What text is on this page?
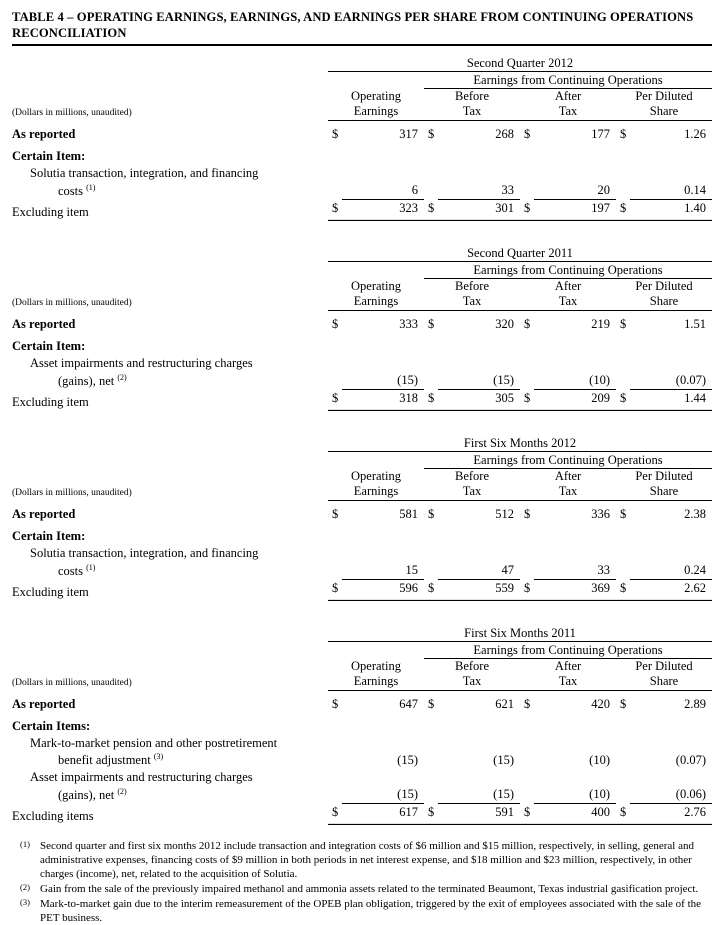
TABLE 4 – OPERATING EARNINGS, EARNINGS, AND EARNINGS PER SHARE FROM CONTINUING OPERATIONS RECONCILIATION

	Second Quarter 2012							
			Earnings from Continuing Operations					
	Operating		Before		After		Per Diluted	
(Dollars in millions, unaudited)	Earnings		Tax		Tax		Share	

As reported	$	317	$	268	$	177	$	1.26

Certain Item:								
Solutia transaction, integration, and financing								
costs $^{(1)}$		6		33		20		0.14
Excluding item	$	323	$	301	$	197	$	1.40

	Second Quarter 2011							
			Earnings from Continuing Operations					
	Operating		Before		After		Per Diluted	
(Dollars in millions, unaudited)	Earnings		Tax		Tax		Share	

As reported	$	333	$	320	$	219	$	1.51

Certain Item:								
Asset impairments and restructuring charges								
(gains), net $^{(2)}$		(15)		(15)		(10)		(0.07)
Excluding item	$	318	$	305	$	209	$	1.44

	First Six Months 2012							
			Earnings from Continuing Operations					
	Operating		Before		After		Per Diluted	
(Dollars in millions, unaudited)	Earnings		Tax		Tax		Share	

As reported	$	581	$	512	$	336	$	2.38

Certain Item:								
Solutia transaction, integration, and financing								
costs $^{(1)}$		15		47		33		0.24
Excluding item	$	596	$	559	$	369	$	2.62

	First Six Months 2011							
			Earnings from Continuing Operations					
	Operating		Before		After		Per Diluted	
(Dollars in millions, unaudited)	Earnings		Tax		Tax		Share	

As reported	$	647	$	621	$	420	$	2.89

Certain Items:								
Mark-to-market pension and other postretirement								
benefit adjustment $^{(3)}$		(15)		(15)		(10)		(0.07)
Asset impairments and restructuring charges								
(gains), net $^{(2)}$		(15)		(15)		(10)		(0.06)
Excluding items	$	617	$	591	$	400	$	2.76
(1) Second quarter and first six months 2012 include transaction and integration costs of $6 million and $15 million, respectively, in selling, general and administrative expenses, financing costs of $9 million in both periods in net interest expense, and $18 million and $23 million, respectively, in other charges (income), net, related to the acquisition of Solutia.
(2) Gain from the sale of the previously impaired methanol and ammonia assets related to the terminated Beaumont, Texas industrial gasification project.
(3) Mark-to-market gain due to the interim remeasurement of the OPEB plan obligation, triggered by the exit of employees associated with the sale of the PET business.
